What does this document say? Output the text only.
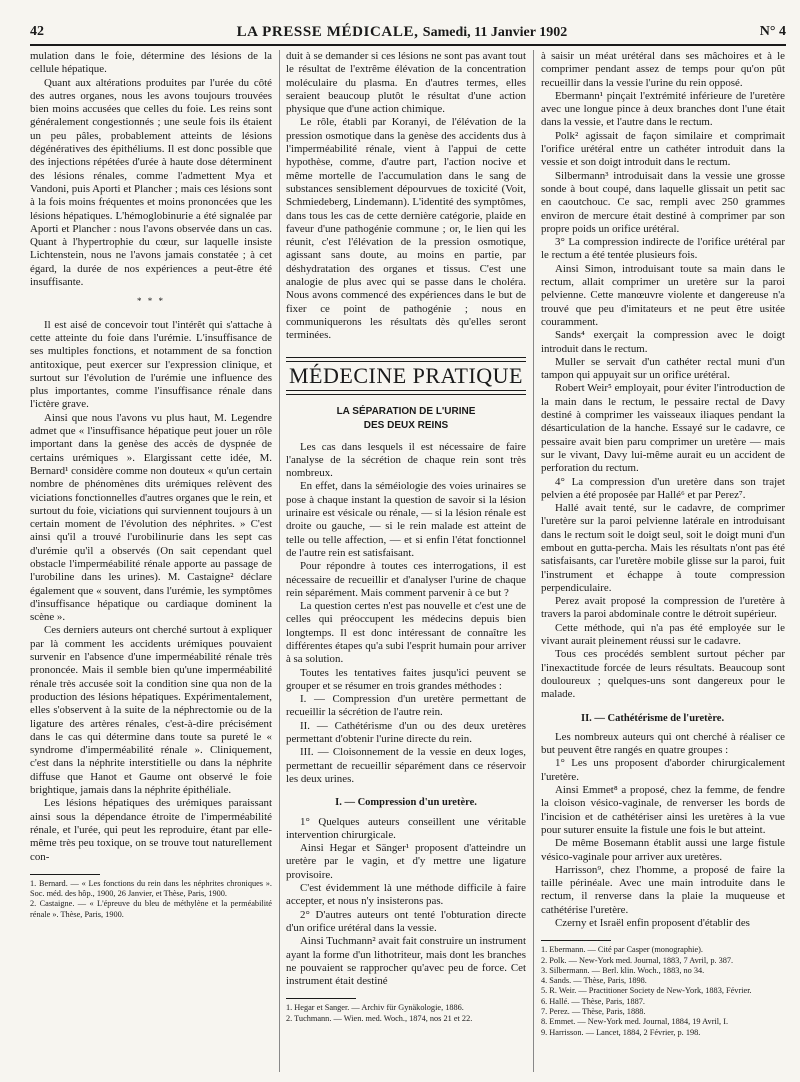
42	LA PRESSE MÉDICALE, Samedi, 11 Janvier 1902	N° 4

mulation dans le foie, détermine des lésions de la cellule hépatique.

Quant aux altérations produites par l'urée du côté des autres organes, nous les avons toujours trouvées bien moins accusées que celles du foie. Les reins sont généralement congestionnés ; une seule fois ils étaient un peu pâles, probablement atteints de lésions dégénératives des épithéliums. Il est donc possible que des injections répétées d'urée à haute dose déterminent des lésions rénales, comme l'admettent Mya et Vandoni, puis Aporti et Plancher ; mais ces lésions sont à la fois moins fréquentes et moins prononcées que les lésions hépatiques. L'hémoglobinurie a été signalée par Aporti et Plancher : nous l'avons observée dans un cas. Quant à l'hypertrophie du cœur, sur laquelle insiste Lichtenstein, nous ne l'avons jamais constatée ; à cet égard, la durée de nos expériences a peut-être été insuffisante.

* * *

Il est aisé de concevoir tout l'intérêt qui s'attache à cette atteinte du foie dans l'urémie. L'insuffisance de ses multiples fonctions, et notamment de sa fonction antitoxique, peut exercer sur l'expression clinique, et surtout sur l'évolution de l'urémie une influence des plus importantes, comme l'insuffisance rénale dans l'ictère grave.

Ainsi que nous l'avons vu plus haut, M. Legendre admet que « l'insuffisance hépatique peut jouer un rôle important dans la genèse des accès de dyspnée de certains urémiques ». Elargissant cette idée, M. Bernard¹ considère comme non douteux « qu'un certain nombre de phénomènes dits urémiques relèvent des viciations fonctionnelles d'autres organes que le rein, et surtout du foie, viciations qui surviennent toujours à un certain moment de l'évolution des néphrites. » C'est ainsi qu'il a trouvé l'urobilinurie dans les sept cas d'urémie qu'il a observés (On sait cependant quel obstacle l'imperméabilité rénale apporte au passage de l'urobiline dans les urines). M. Castaigne² déclare également que « souvent, dans l'urémie, les symptômes d'insuffisance hépatique ou cardiaque dominent la scène ».

Ces derniers auteurs ont cherché surtout à expliquer par là comment les accidents urémiques pouvaient survenir en l'absence d'une imperméabilité rénale très prononcée. Mais il semble bien qu'une imperméabilité rénale très accusée soit la condition sine qua non de la production des lésions hépatiques. Expérimentalement, elles s'observent à la suite de la néphrectomie ou de la ligature des artères rénales, c'est-à-dire précisément dans le cas qui détermine dans toute sa pureté le « syndrome d'imperméabilité rénale ». Cliniquement, c'est dans la néphrite interstitielle ou dans la néphrite diffuse que Hanot et Gaume ont observé le foie brightique, jamais dans la néphrite épithéliale.

Les lésions hépatiques des urémiques paraissant ainsi sous la dépendance étroite de l'imperméabilité rénale, et l'urée, qui peut les reproduire, étant par elle-même très peu toxique, on se trouve tout naturellement con-

1. Bernard. — « Les fonctions du rein dans les néphrites chroniques ». Soc. méd. des hôp., 1900, 26 Janvier, et Thèse, Paris, 1900.

2. Castaigne. — « L'épreuve du bleu de méthylène et la perméabilité rénale ». Thèse, Paris, 1900.

duit à se demander si ces lésions ne sont pas avant tout le résultat de l'extrême élévation de la concentration moléculaire du plasma. En d'autres termes, elles seraient beaucoup plutôt le résultat d'une action physique que d'une action chimique.

Le rôle, établi par Koranyi, de l'élévation de la pression osmotique dans la genèse des accidents dus à l'imperméabilité rénale, vient à l'appui de cette hypothèse, comme, d'autre part, l'action nocive et même mortelle de l'accumulation dans le sang de substances sensiblement dépourvues de toxicité (Voit, Schmiedeberg, Lindemann). L'identité des symptômes, dans tous les cas de cette dernière catégorie, plaide en faveur d'une pathogénie commune ; or, le lien qui les réunit, c'est l'élévation de la pression osmotique, agissant sans doute, au moins en partie, par déshydratation des organes et tissus. C'est une analogie de plus avec qui se passe dans le choléra. Nous avons commencé des expériences dans le but de fixer ce point de pathogénie ; nous en communiquerons les résultats dès qu'elles seront terminées.

MÉDECINE PRATIQUE
LA SÉPARATION DE L'URINE
DES DEUX REINS

Les cas dans lesquels il est nécessaire de faire l'analyse de la sécrétion de chaque rein sont très nombreux.

En effet, dans la séméiologie des voies urinaires se pose à chaque instant la question de savoir si la lésion urinaire est vésicale ou rénale, — si la lésion rénale est droite ou gauche, — si le rein malade est atteint de telle ou telle affection, — et si enfin l'état fonctionnel de l'autre rein est satisfaisant.

Pour répondre à toutes ces interrogations, il est nécessaire de recueillir et d'analyser l'urine de chaque rein séparément. Mais comment parvenir à ce but ?

La question certes n'est pas nouvelle et c'est une de celles qui préoccupent les médecins depuis bien longtemps. Il est donc intéressant de connaître les différentes étapes qu'a subi l'esprit humain pour arriver à sa solution.

Toutes les tentatives faites jusqu'ici peuvent se grouper et se résumer en trois grandes méthodes :

I. — Compression d'un uretère permettant de recueillir la sécrétion de l'autre rein.

II. — Cathétérisme d'un ou des deux uretères permettant d'obtenir l'urine directe du rein.

III. — Cloisonnement de la vessie en deux loges, permettant de recueillir séparément dans ce réservoir les deux urines.

I. — Compression d'un uretère.

1° Quelques auteurs conseillent une véritable intervention chirurgicale.

Ainsi Hegar et Sänger¹ proposent d'atteindre un uretère par le vagin, et d'y mettre une ligature provisoire.

C'est évidemment là une méthode difficile à faire accepter, et nous n'y insisterons pas.

2° D'autres auteurs ont tenté l'obturation directe d'un orifice urétéral dans la vessie.

Ainsi Tuchmann² avait fait construire un instrument ayant la forme d'un lithotriteur, mais dont les branches ne pouvaient se rapprocher qu'avec peu de force. Cet instrument était destiné

1. Hegar et Sanger. — Archiv für Gynäkologie, 1886.

2. Tuchmann. — Wien. med. Woch., 1874, nos 21 et 22.

à saisir un méat urétéral dans ses mâchoires et à le comprimer pendant assez de temps pour qu'on pût recueillir dans la vessie l'urine du rein opposé.

Ebermann¹ pinçait l'extrémité inférieure de l'uretère avec une longue pince à deux branches dont l'une était dans la vessie, et l'autre dans le rectum.

Polk² agissait de façon similaire et comprimait l'orifice urétéral entre un cathéter introduit dans la vessie et son doigt introduit dans le rectum.

Silbermann³ introduisait dans la vessie une grosse sonde à bout coupé, dans laquelle glissait un petit sac en caoutchouc. Ce sac, rempli avec 250 grammes environ de mercure était destiné à comprimer par son propre poids un orifice urétéral.

3° La compression indirecte de l'orifice urétéral par le rectum a été tentée plusieurs fois.

Ainsi Simon, introduisant toute sa main dans le rectum, allait comprimer un uretère sur la paroi pelvienne. Cette manœuvre violente et dangereuse n'a trouvé que peu d'imitateurs et ne peut être usitée couramment.

Sands⁴ exerçait la compression avec le doigt introduit dans le rectum.

Muller se servait d'un cathéter rectal muni d'un tampon qui appuyait sur un orifice urétéral.

Robert Weir⁵ employait, pour éviter l'introduction de la main dans le rectum, le pessaire rectal de Davy destiné à comprimer les vaisseaux iliaques pendant la désarticulation de la hanche. Essayé sur le cadavre, ce pessaire avait bien paru comprimer un uretère — mais sur le vivant, Davy lui-même aurait eu un accident de perforation du rectum.

4° La compression d'un uretère dans son trajet pelvien a été proposée par Hallé⁶ et par Perez⁷.

Hallé avait tenté, sur le cadavre, de comprimer l'uretère sur la paroi pelvienne latérale en introduisant dans le rectum soit le doigt seul, soit le doigt muni d'un embout en gutta-percha. Mais les résultats n'ont pas été satisfaisants, car l'uretère mobile glisse sur la paroi, fuit l'instrument et échappe à toute compression perpendiculaire.

Perez avait proposé la compression de l'uretère à travers la paroi abdominale contre le détroit supérieur.

Cette méthode, qui n'a pas été employée sur le vivant aurait pleinement réussi sur le cadavre.

Tous ces procédés semblent surtout pécher par l'inexactitude forcée de leurs résultats. Beaucoup sont douloureux ; quelques-uns sont dangereux pour le malade.

II. — Cathétérisme de l'uretère.

Les nombreux auteurs qui ont cherché à réaliser ce but peuvent être rangés en quatre groupes :

1° Les uns proposent d'aborder chirurgicalement l'uretère.

Ainsi Emmet⁸ a proposé, chez la femme, de fendre la cloison vésico-vaginale, de renverser les bords de l'incision et de cathétériser ainsi les uretères à la vue pour suturer ensuite la fistule une fois le but atteint.

De même Bosemann établit aussi une large fistule vésico-vaginale pour arriver aux uretères.

Harrisson⁹, chez l'homme, a proposé de faire la taille périnéale. Avec une main introduite dans le rectum, il renverse dans la plaie la muqueuse et cathétérise l'uretère.

Czerny et Israël enfin proposent d'établir des

1. Ebermann. — Cité par Casper (monographie).

2. Polk. — New-York med. Journal, 1883, 7 Avril, p. 387.

3. Silbermann. — Berl. klin. Woch., 1883, no 34.

4. Sands. — Thèse, Paris, 1898.

5. R. Weir. — Practitioner Society de New-York, 1883, Février.

6. Hallé. — Thèse, Paris, 1887.

7. Perez. — Thèse, Paris, 1888.

8. Emmet. — New-York med. Journal, 1884, 19 Avril, I.

9. Harrisson. — Lancet, 1884, 2 Février, p. 198.
